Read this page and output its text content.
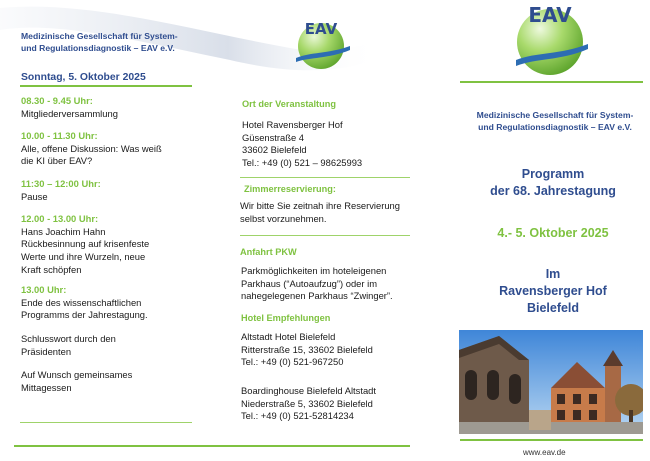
Medizinische Gesellschaft für System-
und Regulationsdiagnostik – EAV e.V.
EAV
Sonntag, 5. Oktober 2025
08.30 - 9.45 Uhr:
Mitgliederversammlung
10.00 - 11.30 Uhr:
Alle, offene Diskussion: Was weiß
die KI über EAV?
11:30 – 12:00 Uhr:
Pause
12.00 - 13.00 Uhr:
Hans Joachim Hahn
Rückbesinnung auf krisenfeste
Werte und ihre Wurzeln, neue
Kraft schöpfen
13.00 Uhr:
Ende des wissenschaftlichen
Programms der Jahrestagung.
Schlusswort durch den
Präsidenten
Auf Wunsch gemeinsames
Mittagessen
Ort der Veranstaltung
Hotel Ravensberger Hof
Güsenstraße 4
33602 Bielefeld
Tel.: +49 (0) 521 – 98625993
Zimmerreservierung:
Wir bitte Sie zeitnah ihre Reservierung
selbst vorzunehmen.
Anfahrt PKW
Parkmöglichkeiten im hoteleigenen
Parkhaus (“Autoaufzug”) oder im
nahegelegenen Parkhaus “Zwinger”.
Hotel Empfehlungen
Altstadt Hotel Bielefeld
Ritterstraße 15, 33602 Bielefeld
Tel.: +49 (0) 521-967250
Boardinghouse Bielefeld Altstadt
Niederstraße 5, 33602 Bielefeld
Tel.: +49 (0) 521-52814234
EAV
Medizinische Gesellschaft für System-
und Regulationsdiagnostik – EAV e.V.
Programm
der 68. Jahrestagung
4.- 5. Oktober 2025
Im
Ravensberger Hof
Bielefeld
www.eav.de
